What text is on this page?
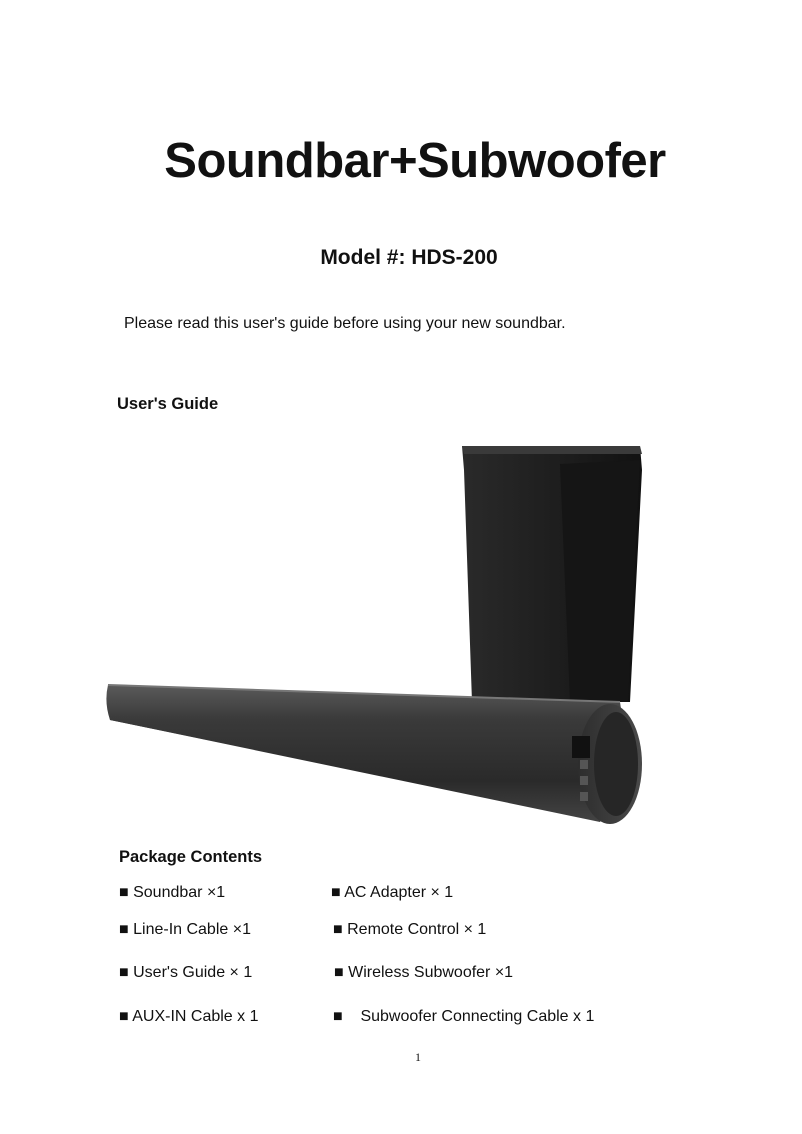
Soundbar+Subwoofer
Model #: HDS-200
Please read this user's guide before using your new soundbar.
User's Guide
Package Contents
■ Soundbar ×1	■ AC Adapter × 1
■ Line-In Cable ×1	■ Remote Control × 1
■ User's Guide × 1	■ Wireless Subwoofer ×1
■ AUX-IN Cable x 1	■    Subwoofer Connecting Cable x 1
1
